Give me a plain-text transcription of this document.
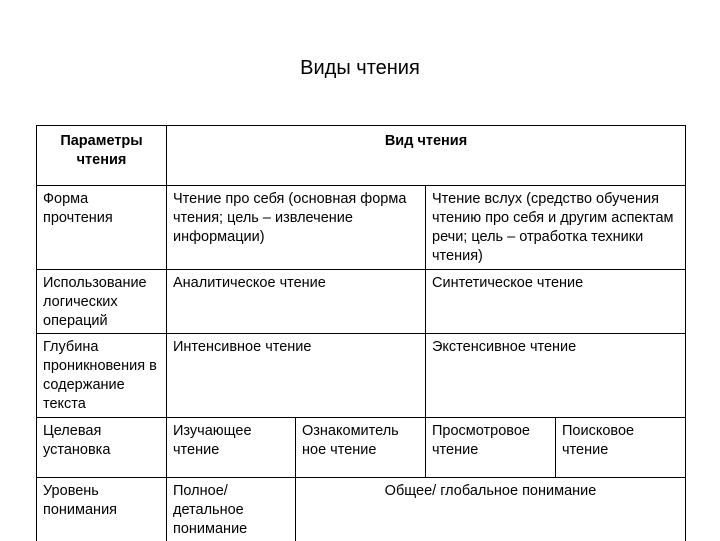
Виды чтения
Параметры чтения	Вид чтения			
Форма прочтения	Чтение про себя (основная форма чтения; цель – извлечение информации)		Чтение вслух (средство обучения чтению про себя и другим аспектам речи; цель – отработка техники чтения)	
Использование логических операций	Аналитическое чтение		Синтетическое чтение	
Глубина проникновения в содержание текста	Интенсивное чтение		Экстенсивное чтение	
Целевая установка	Изучающее чтение	Ознакомитель ное чтение	Просмотровое чтение	Поисковое чтение
Уровень понимания	Полное/ детальное понимание	Общее/ глобальное понимание		
